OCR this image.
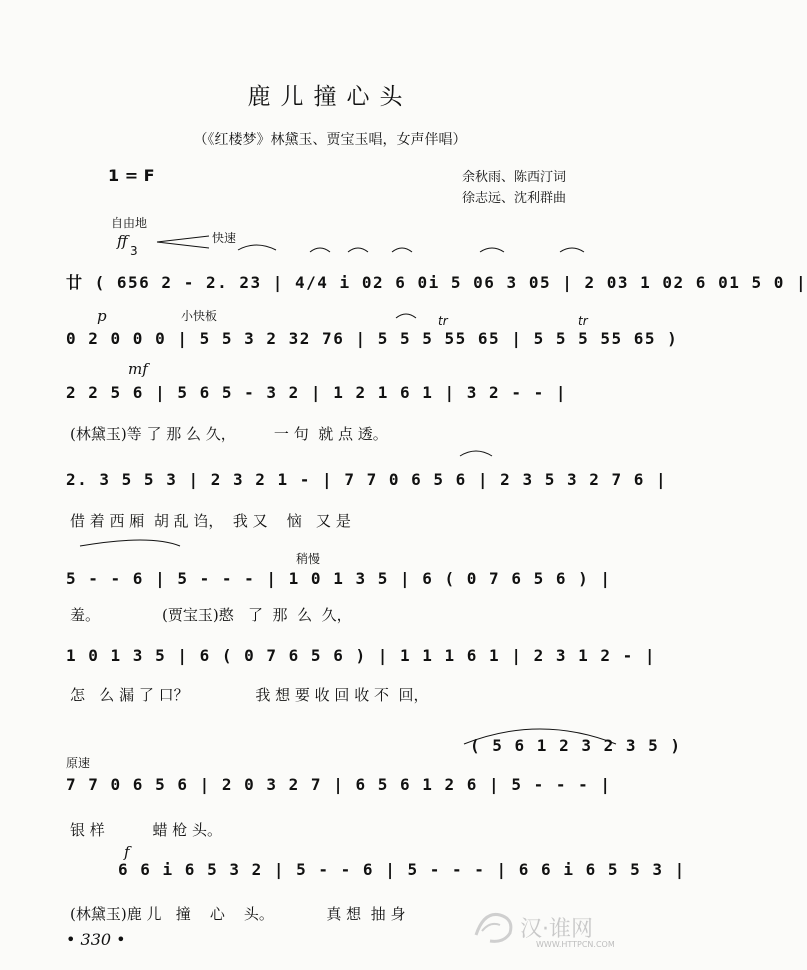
鹿儿撞心头
（《红楼梦》林黛玉、贾宝玉唱，女声伴唱）
1 = F	余秋雨、陈西汀词
徐志远、沈利群曲
自由地
ff	快速
3
p	小快板	tr	tr
mf
稍慢
原速
f
廿 ( 656 2 - 2. 23 | 4/4 i 02 6 0i 5 06 3 05 | 2 03 1 02 6 01 5 0 |
0 2 0 0 0 | 5 5 3 2 32 76 | 5 5 5 55 65 | 5 5 5 55 65 )
2 2 5 6 | 5 6 5 - 3 2 | 1 2 1 6 1 | 3 2 - - |
(林黛玉)等 了 那 么 久，        一 句  就 点 透。
2. 3 5 5 3 | 2 3 2 1 - | 7 7 0 6 5 6 | 2 3 5 3 2 7 6 |
借 着 西 厢  胡 乱 诌，  我 又    恼   又 是
5 - - 6 | 5 - - - | 1 0 1 3 5 | 6 ( 0 7 6 5 6 ) |
羞。             (贾宝玉)憨   了  那  么  久，
1 0 1 3 5 | 6 ( 0 7 6 5 6 ) | 1 1 1 6 1 | 2 3 1 2 - |
怎   么 漏 了 口？              我 想 要 收 回 收 不  回，
( 5 6 1 2 3 2 3 5 )
7 7 0 6 5 6 | 2 0 3 2 7 | 6 5 6 1 2 6 | 5 - - - |
银 样          蜡 枪 头。
6 6 i 6 5 3 2 | 5 - - 6 | 5 - - - | 6 6 i 6 5 5 3 |
(林黛玉)鹿 儿   撞    心    头。           真 想  抽 身
• 330 •	汉·谁网
WWW.HTTPCN.COM
